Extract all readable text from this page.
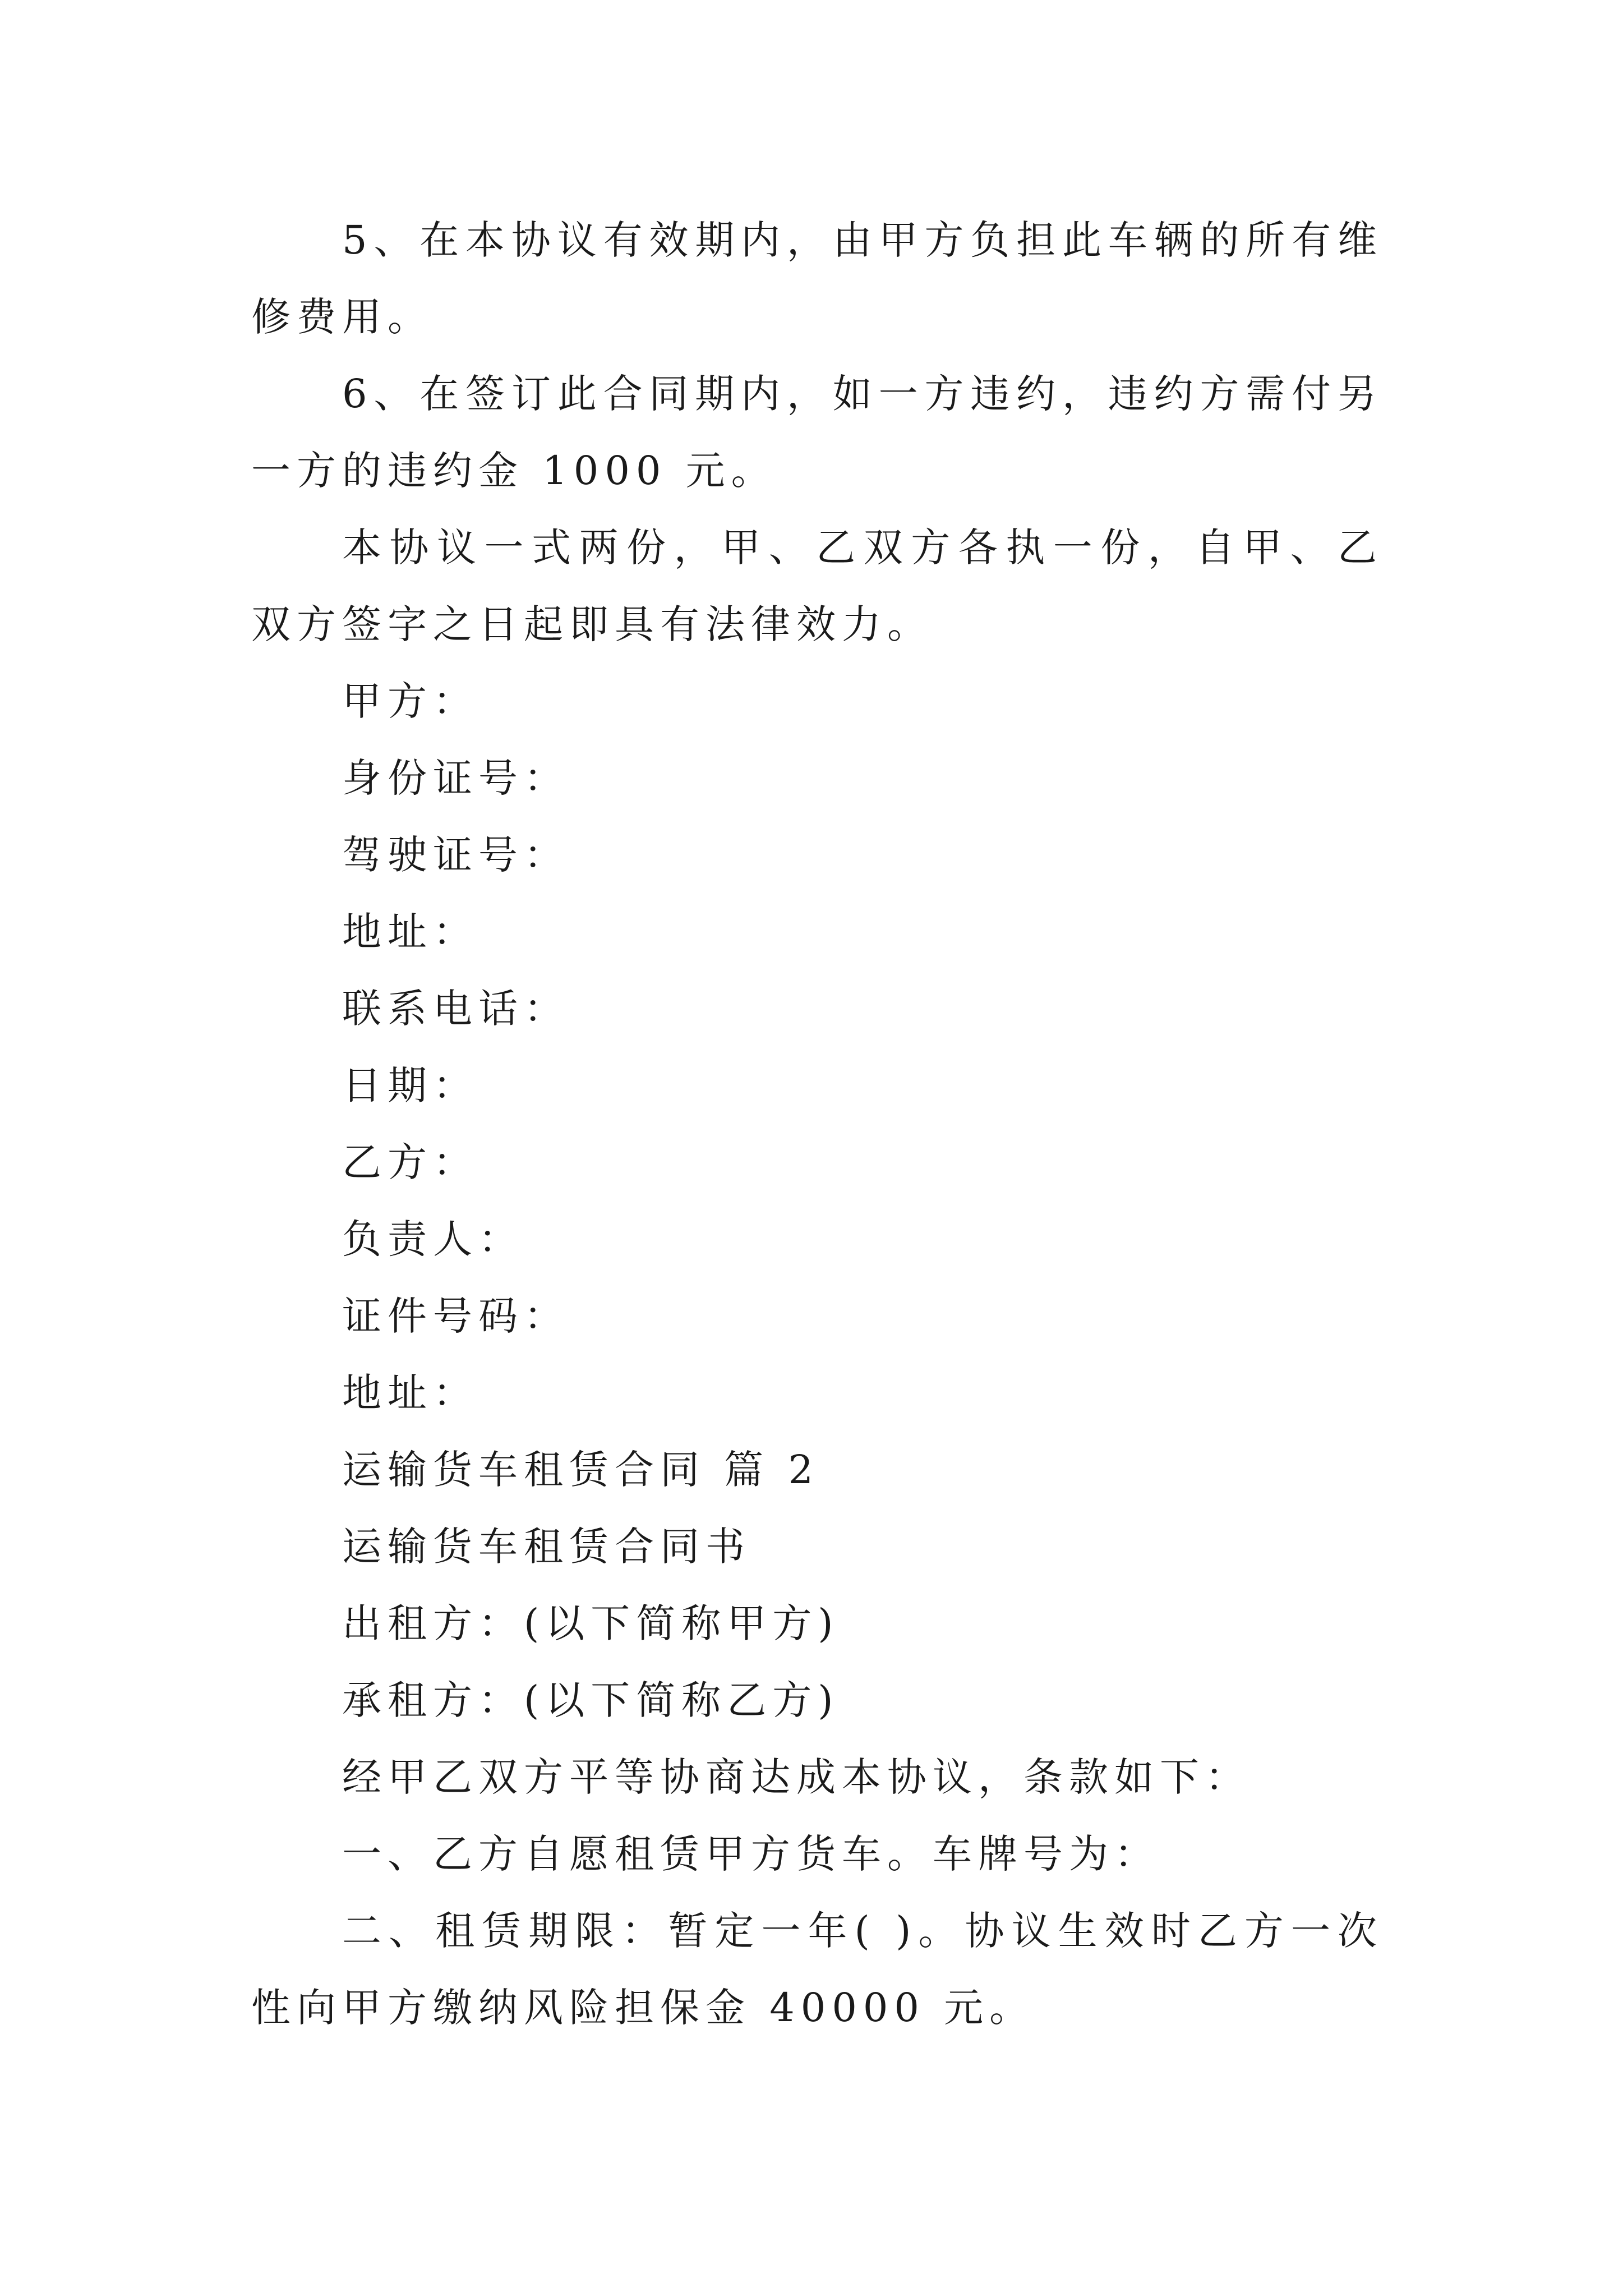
5、在本协议有效期内，由甲方负担此车辆的所有维修费用。

6、在签订此合同期内，如一方违约，违约方需付另一方的违约金 1000 元。

本协议一式两份，甲、乙双方各执一份，自甲、乙双方签字之日起即具有法律效力。

甲方：

身份证号：

驾驶证号：

地址：

联系电话：

日期：

乙方：

负责人：

证件号码：

地址：

运输货车租赁合同 篇 2

运输货车租赁合同书

出租方：(以下简称甲方)

承租方：(以下简称乙方)

经甲乙双方平等协商达成本协议，条款如下：

一、乙方自愿租赁甲方货车。车牌号为：

二、租赁期限：暂定一年( )。协议生效时乙方一次性向甲方缴纳风险担保金 40000 元。
